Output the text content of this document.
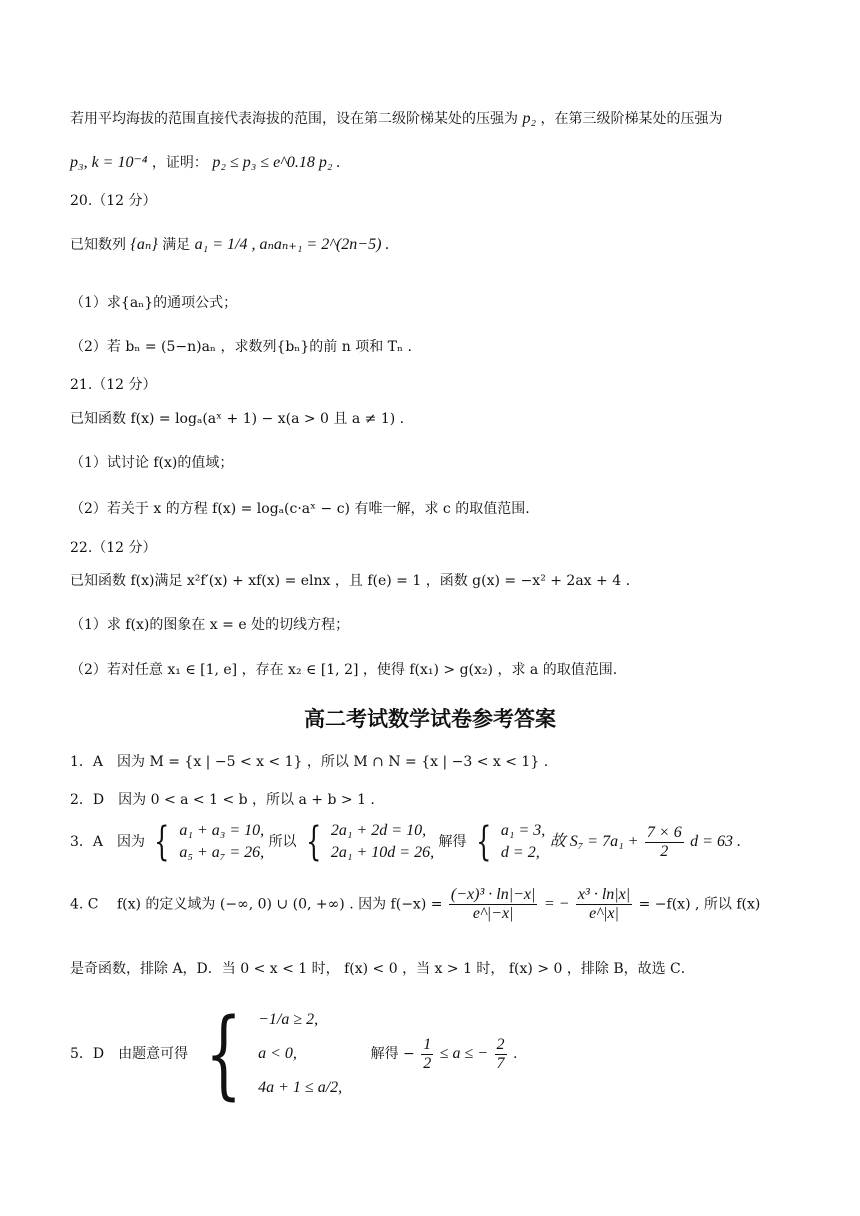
若用平均海拔的范围直接代表海拔的范围，设在第二级阶梯某处的压强为 p₂ ，在第三级阶梯某处的压强为
p₃, k = 10⁻⁴ ，证明： p₂ ≤ p₃ ≤ e^0.18 p₂ .
20.（12 分）
已知数列 {aₙ} 满足 a₁ = 1/4 , aₙaₙ₊₁ = 2^(2n−5) .
（1）求{aₙ}的通项公式；
（2）若 bₙ = (5−n)aₙ ，求数列{bₙ}的前 n 项和 Tₙ .
21.（12 分）
已知函数 f(x) = logₐ(aˣ + 1) − x(a > 0 且 a ≠ 1) .
（1）试讨论 f(x)的值域；
（2）若关于 x 的方程 f(x) = logₐ(c·aˣ − c) 有唯一解，求 c 的取值范围.
22.（12 分）
已知函数 f(x)满足 x²f′(x) + xf(x) = elnx ，且 f(e) = 1 ，函数 g(x) = −x² + 2ax + 4 .
（1）求 f(x)的图象在 x = e 处的切线方程；
（2）若对任意 x₁ ∈ [1, e] ，存在 x₂ ∈ [1, 2] ，使得 f(x₁) > g(x₂) ，求 a 的取值范围.
高二考试数学试卷参考答案
1．A　因为 M = {x | −5 < x < 1} ，所以 M ∩ N = {x | −3 < x < 1} .
2．D　因为 0 < a < 1 < b ，所以 a + b > 1 .
3．A　因为 { a₁ + a₃ = 10,
a₅ + a₇ = 26,
所以 { 2a₁ + 2d = 10,
2a₁ + 10d = 26,
解得 { a₁ = 3,
d = 2,
故 $S_7 = 7a_1 + \frac{7 \times 6}{2}$ d = 63 .
4. C　 f(x) 的定义域为 (−∞, 0) ∪ (0, +∞) . 因为 $f(-x) = \frac{\text{(−x)³ · ln|−x|}}{e\^{}|-x|}$ = − $\frac{\text{x³ · ln|x|}}{e\^{}|x|} = -f(x)$ , 所以 f(x)
是奇函数，排除 A，D．当 0 < x < 1 时， f(x) < 0 ，当 x > 1 时， f(x) > 0 ，排除 B，故选 C．
5．D　由题意可得 { −1/a ≥ 2,
a < 0,
4a + 1 ≤ a/2,
解得 − $\frac{1}{2} \le a$ ≤ − $\frac{2}{7}$ .
